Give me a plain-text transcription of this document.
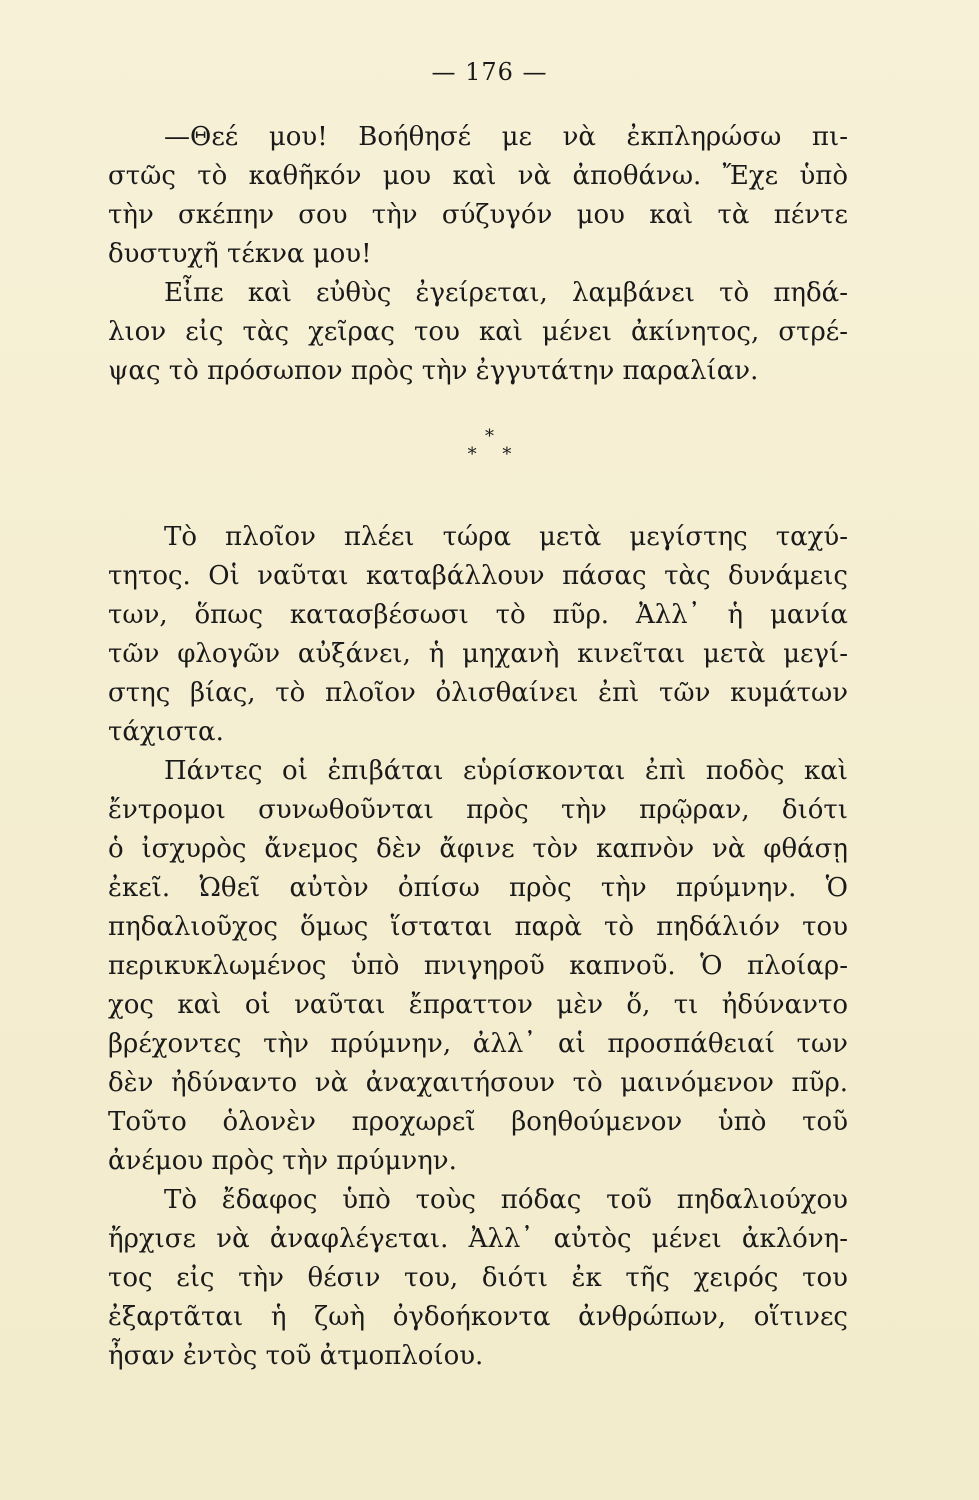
— 176 —
—Θεέ μου! Βοήθησέ με νὰ ἐκπληρώσω πι-
στῶς τὸ καθῆκόν μου καὶ νὰ ἀποθάνω. Ἔχε ὑπὸ
τὴν σκέπην σου τὴν σύζυγόν μου καὶ τὰ πέντε
δυστυχῆ τέκνα μου!
Εἶπε καὶ εὐθὺς ἐγείρεται, λαμβάνει τὸ πηδά-
λιον εἰς τὰς χεῖρας του καὶ μένει ἀκίνητος, στρέ-
ψας τὸ πρόσωπον πρὸς τὴν ἐγγυτάτην παραλίαν.
*
* *
Τὸ πλοῖον πλέει τώρα μετὰ μεγίστης ταχύ-
τητος. Οἱ ναῦται καταβάλλουν πάσας τὰς δυνάμεις
των, ὅπως κατασβέσωσι τὸ πῦρ. Ἀλλ᾽ ἡ μανία
τῶν φλογῶν αὐξάνει, ἡ μηχανὴ κινεῖται μετὰ μεγί-
στης βίας, τὸ πλοῖον ὀλισθαίνει ἐπὶ τῶν κυμάτων
τάχιστα.
Πάντες οἱ ἐπιβάται εὑρίσκονται ἐπὶ ποδὸς καὶ
ἔντρομοι συνωθοῦνται πρὸς τὴν πρῷραν, διότι
ὁ ἰσχυρὸς ἄνεμος δὲν ἄφινε τὸν καπνὸν νὰ φθάσῃ
ἐκεῖ. Ὠθεῖ αὐτὸν ὀπίσω πρὸς τὴν πρύμνην. Ὁ
πηδαλιοῦχος ὅμως ἵσταται παρὰ τὸ πηδάλιόν του
περικυκλωμένος ὑπὸ πνιγηροῦ καπνοῦ. Ὁ πλοίαρ-
χος καὶ οἱ ναῦται ἔπραττον μὲν ὅ, τι ἠδύναντο
βρέχοντες τὴν πρύμνην, ἀλλ᾽ αἱ προσπάθειαί των
δὲν ἠδύναντο νὰ ἀναχαιτήσουν τὸ μαινόμενον πῦρ.
Τοῦτο ὁλονὲν προχωρεῖ βοηθούμενον ὑπὸ τοῦ
ἀνέμου πρὸς τὴν πρύμνην.
Τὸ ἔδαφος ὑπὸ τοὺς πόδας τοῦ πηδαλιούχου
ἤρχισε νὰ ἀναφλέγεται. Ἀλλ᾽ αὐτὸς μένει ἀκλόνη-
τος εἰς τὴν θέσιν του, διότι ἐκ τῆς χειρός του
ἐξαρτᾶται ἡ ζωὴ ὀγδοήκοντα ἀνθρώπων, οἵτινες
ἦσαν ἐντὸς τοῦ ἀτμοπλοίου.
